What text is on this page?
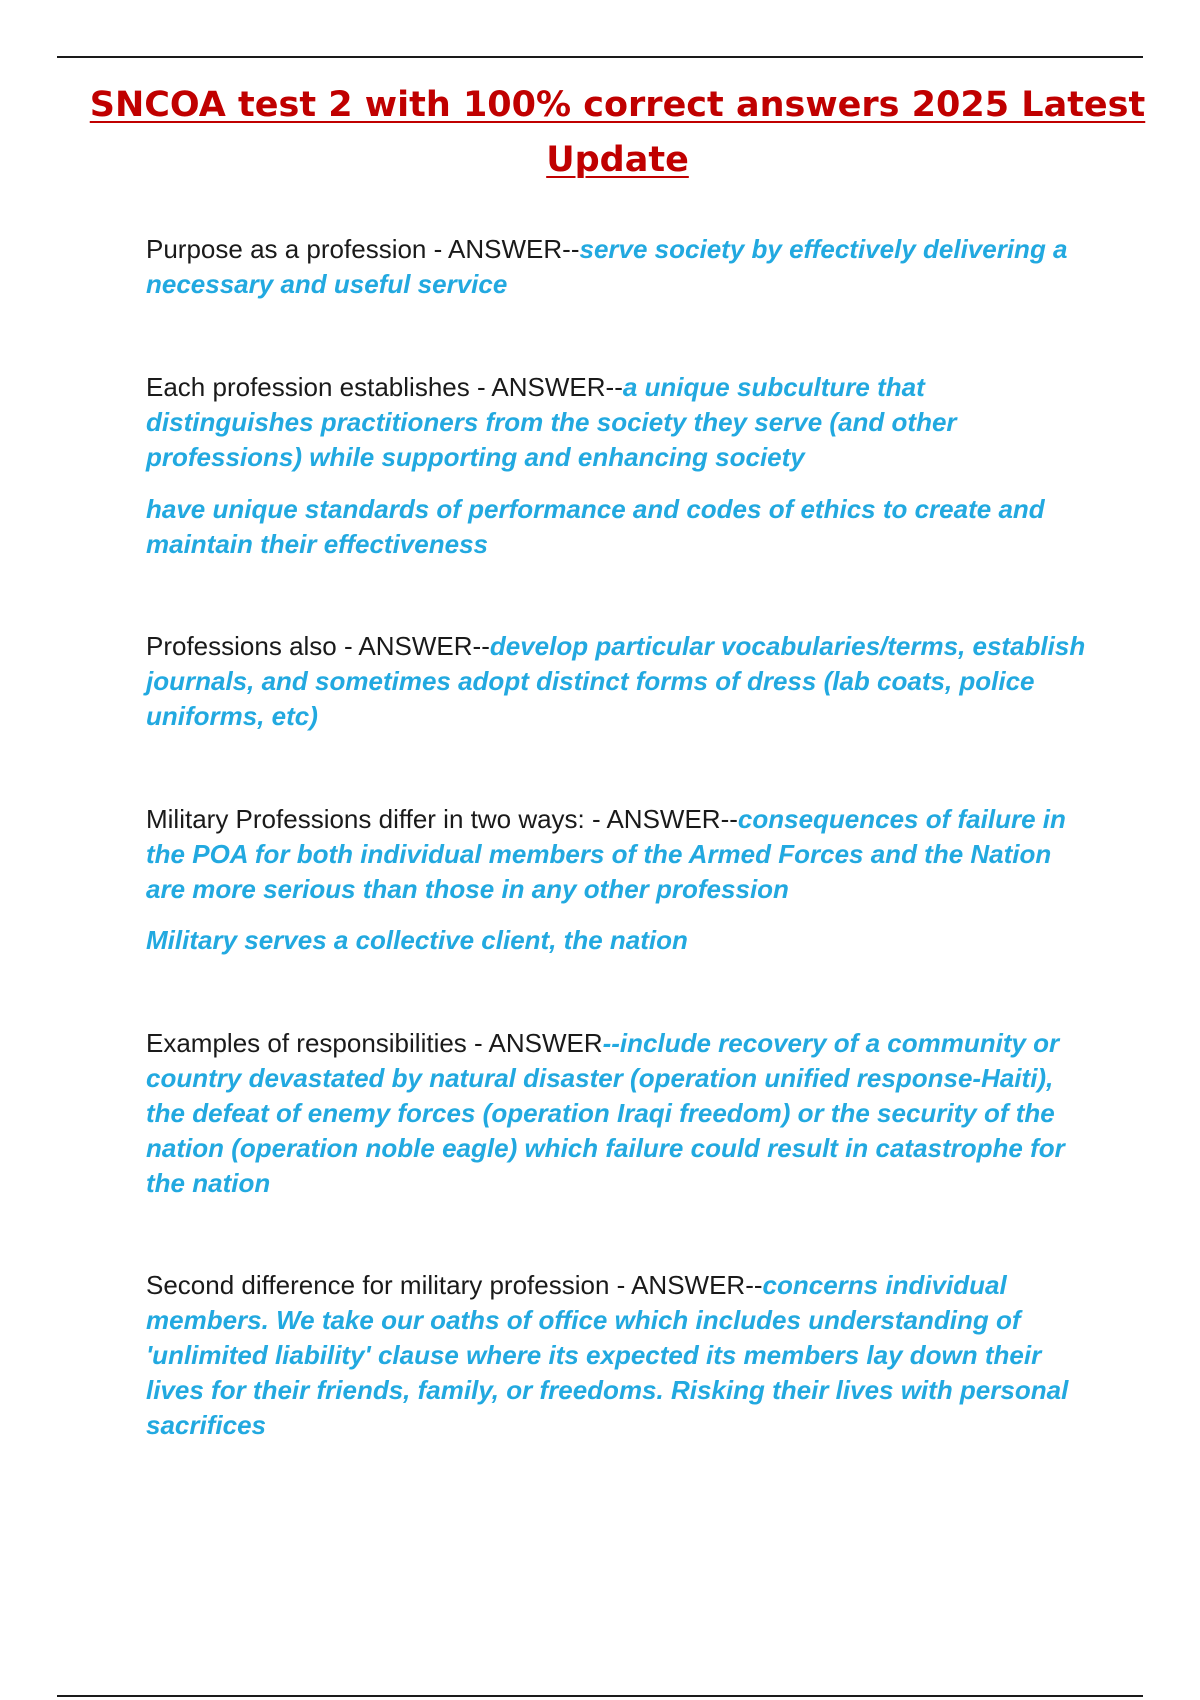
SNCOA test 2 with 100% correct answers 2025 Latest Update

Purpose as a profession - ANSWER--serve society by effectively delivering a necessary and useful service

Each profession establishes - ANSWER--a unique subculture that distinguishes practitioners from the society they serve (and other professions) while supporting and enhancing society

have unique standards of performance and codes of ethics to create and maintain their effectiveness

Professions also - ANSWER--develop particular vocabularies/terms, establish journals, and sometimes adopt distinct forms of dress (lab coats, police uniforms, etc)

Military Professions differ in two ways: - ANSWER--consequences of failure in the POA for both individual members of the Armed Forces and the Nation are more serious than those in any other profession

Military serves a collective client, the nation

Examples of responsibilities - ANSWER--include recovery of a community or country devastated by natural disaster (operation unified response-Haiti), the defeat of enemy forces (operation Iraqi freedom) or the security of the nation (operation noble eagle) which failure could result in catastrophe for the nation

Second difference for military profession - ANSWER--concerns individual members. We take our oaths of office which includes understanding of 'unlimited liability' clause where its expected its members lay down their lives for their friends, family, or freedoms. Risking their lives with personal sacrifices
